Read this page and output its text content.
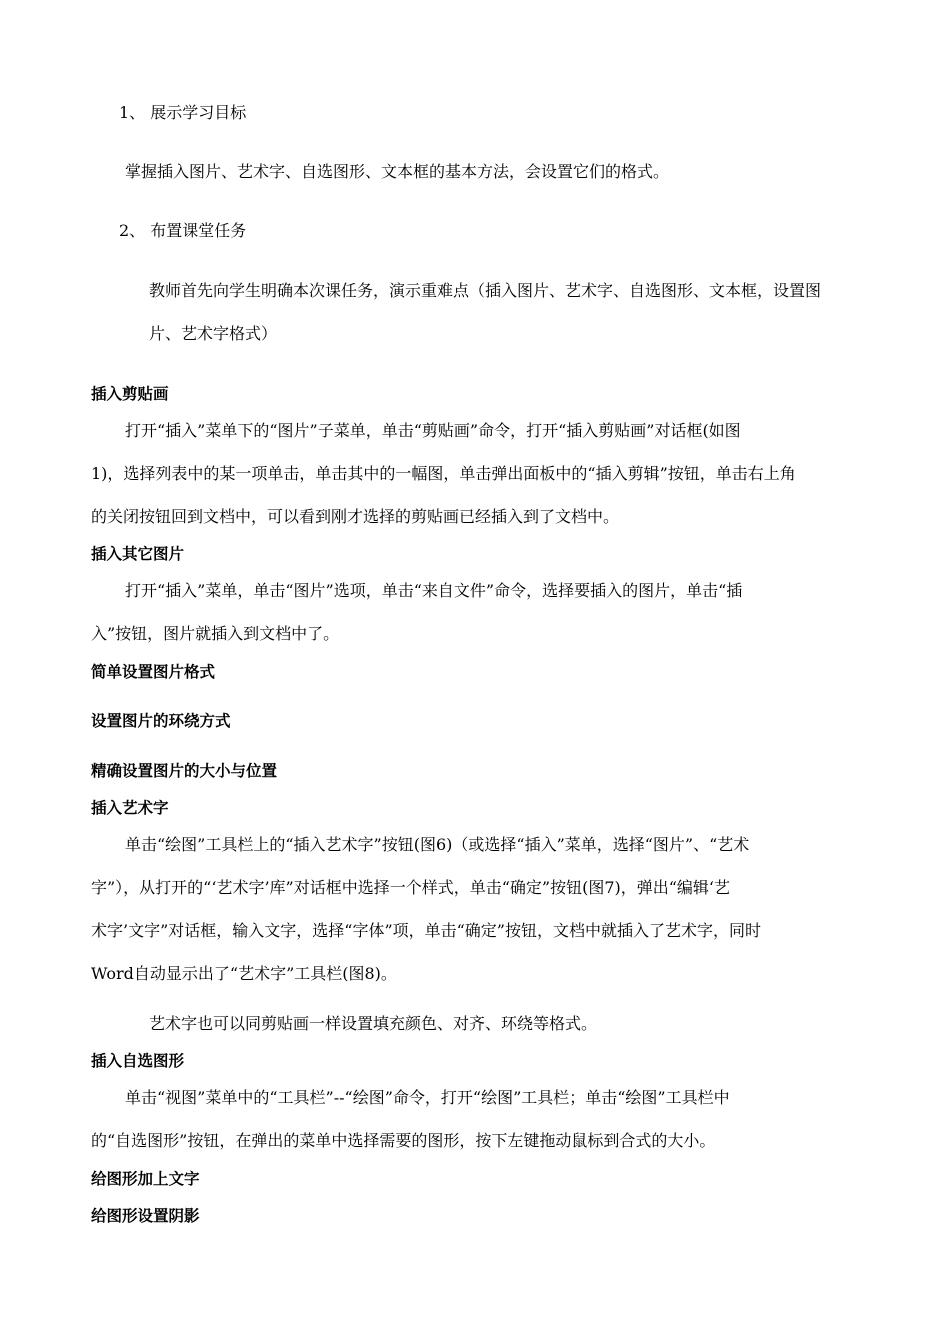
1、 展示学习目标
掌握插入图片、艺术字、自选图形、文本框的基本方法，会设置它们的格式。
2、 布置课堂任务
教师首先向学生明确本次课任务，演示重难点（插入图片、艺术字、自选图形、文本框，设置图
片、艺术字格式）
插入剪贴画
打开“插入”菜单下的“图片”子菜单，单击“剪贴画”命令，打开“插入剪贴画”对话框(如图
1)，选择列表中的某一项单击，单击其中的一幅图，单击弹出面板中的“插入剪辑”按钮，单击右上角
的关闭按钮回到文档中，可以看到刚才选择的剪贴画已经插入到了文档中。
插入其它图片
打开“插入”菜单，单击“图片”选项，单击“来自文件”命令，选择要插入的图片，单击“插
入”按钮，图片就插入到文档中了。
简单设置图片格式
设置图片的环绕方式
精确设置图片的大小与位置
插入艺术字
单击“绘图”工具栏上的“插入艺术字”按钮(图6)（或选择“插入”菜单，选择“图片”、“艺术
字”），从打开的“‘艺术字’库”对话框中选择一个样式，单击“确定”按钮(图7)，弹出“编辑‘艺
术字’文字”对话框，输入文字，选择“字体”项，单击“确定”按钮，文档中就插入了艺术字，同时
Word自动显示出了“艺术字”工具栏(图8)。
艺术字也可以同剪贴画一样设置填充颜色、对齐、环绕等格式。
插入自选图形
单击“视图”菜单中的“工具栏”--“绘图”命令，打开“绘图”工具栏；单击“绘图”工具栏中
的“自选图形”按钮，在弹出的菜单中选择需要的图形，按下左键拖动鼠标到合式的大小。
给图形加上文字
给图形设置阴影
